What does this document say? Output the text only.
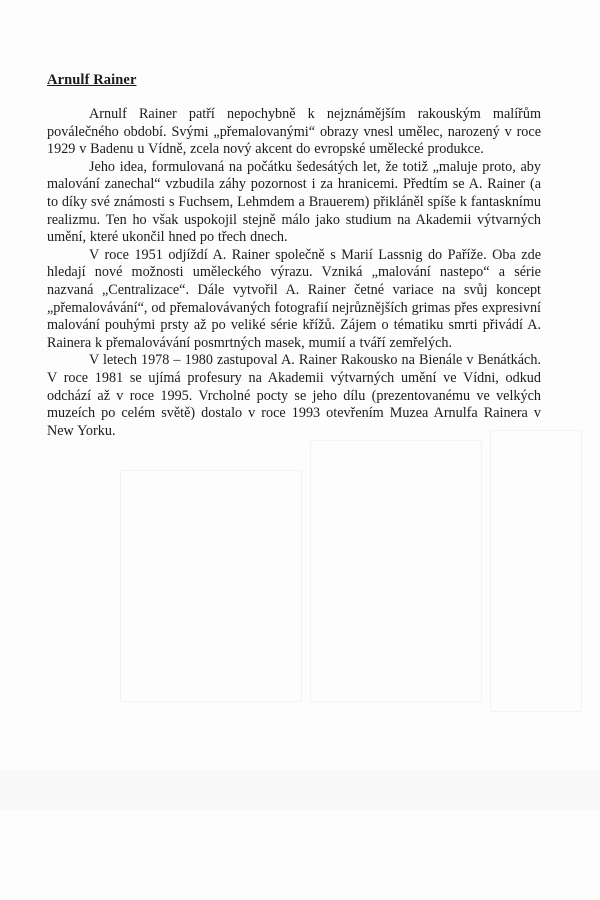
Arnulf Rainer

Arnulf Rainer patří nepochybně k nejznámějším rakouským malířům poválečného období. Svými „přemalovanými“ obrazy vnesl umělec, narozený v roce 1929 v Badenu u Vídně, zcela nový akcent do evropské umělecké produkce.

Jeho idea, formulovaná na počátku šedesátých let, že totiž „maluje proto, aby malování zanechal“ vzbudila záhy pozornost i za hranicemi. Předtím se A. Rainer (a to díky své známosti s Fuchsem, Lehmdem a Brauerem) přikláněl spíše k fantasknímu realizmu. Ten ho však uspokojil stejně málo jako studium na Akademii výtvarných umění, které ukončil hned po třech dnech.

V roce 1951 odjíždí A. Rainer společně s Marií Lassnig do Paříže. Oba zde hledají nové možnosti uměleckého výrazu. Vzniká „malování nastepo“ a série nazvaná „Centralizace“. Dále vytvořil A. Rainer četné variace na svůj koncept „přemalovávání“, od přemalovávaných fotografií nejrůznějších grimas přes expresivní malování pouhými prsty až po veliké série křížů. Zájem o tématiku smrti přivádí A. Rainera k přemalovávání posmrtných masek, mumií a tváří zemřelých.

V letech 1978 – 1980 zastupoval A. Rainer Rakousko na Bienále v Benátkách. V roce 1981 se ujímá profesury na Akademii výtvarných umění ve Vídni, odkud odchází až v roce 1995. Vrcholné pocty se jeho dílu (prezentovanému ve velkých muzeích po celém světě) dostalo v roce 1993 otevřením Muzea Arnulfa Rainera v New Yorku.
